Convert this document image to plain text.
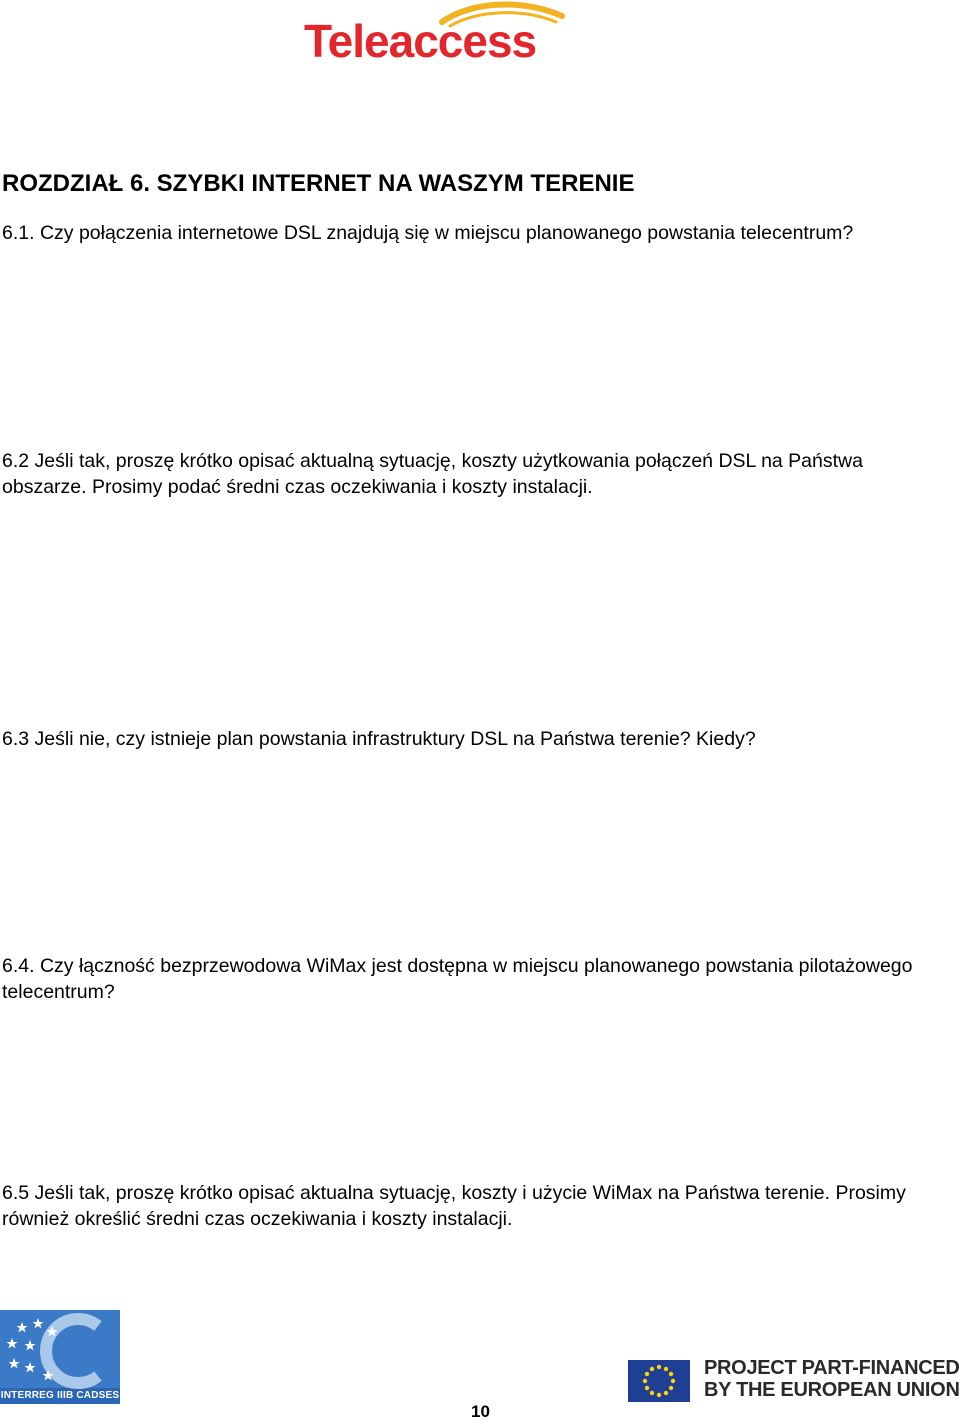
Teleaccess
ROZDZIAŁ 6. SZYBKI INTERNET NA WASZYM TERENIE
6.1. Czy połączenia internetowe DSL znajdują się w miejscu planowanego powstania telecentrum?
6.2 Jeśli tak, proszę krótko opisać aktualną sytuację, koszty użytkowania połączeń DSL na Państwa obszarze. Prosimy podać średni czas oczekiwania i koszty instalacji.
6.3 Jeśli nie, czy istnieje plan powstania infrastruktury DSL na Państwa terenie? Kiedy?
6.4. Czy łączność bezprzewodowa WiMax jest dostępna w miejscu planowanego powstania pilotażowego telecentrum?
6.5 Jeśli tak, proszę krótko opisać aktualna sytuację, koszty i użycie WiMax na Państwa terenie. Prosimy również określić średni czas oczekiwania i koszty instalacji.
INTERREG IIIB CADSES
PROJECT PART-FINANCED
BY THE EUROPEAN UNION
10
